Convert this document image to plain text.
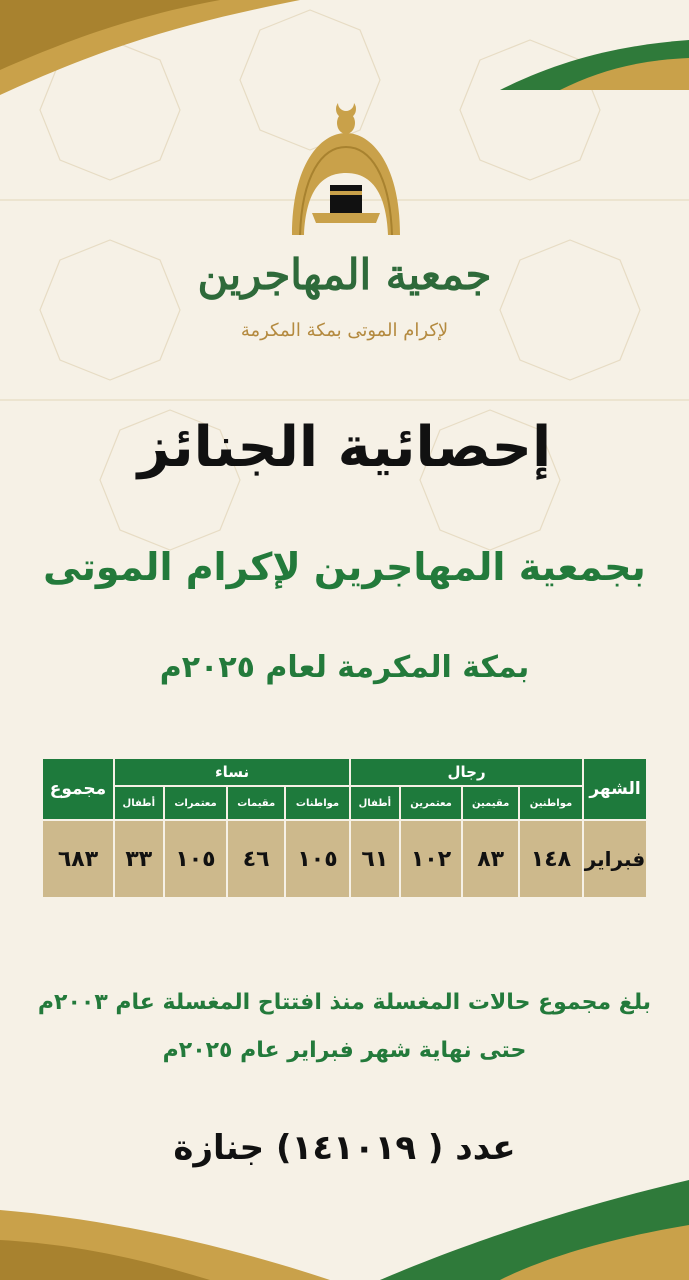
جمعية المهاجرين
لإكرام الموتى بمكة المكرمة
إحصائية الجنائز
بجمعية المهاجرين لإكرام الموتى
بمكة المكرمة لعام ٢٠٢٥م
الشهر	رجال				نساء				مجموع
	مواطنين	مقيمين	معتمرين	أطفال	مواطنات	مقيمات	معتمرات	أطفال	
فبراير	١٤٨	٨٣	١٠٢	٦١	١٠٥	٤٦	١٠٥	٣٣	٦٨٣
بلغ مجموع حالات المغسلة منذ افتتاح المغسلة عام ٢٠٠٣م
حتى نهاية شهر فبراير عام ٢٠٢٥م
عدد ( ١٤١٠١٩) جنازة
